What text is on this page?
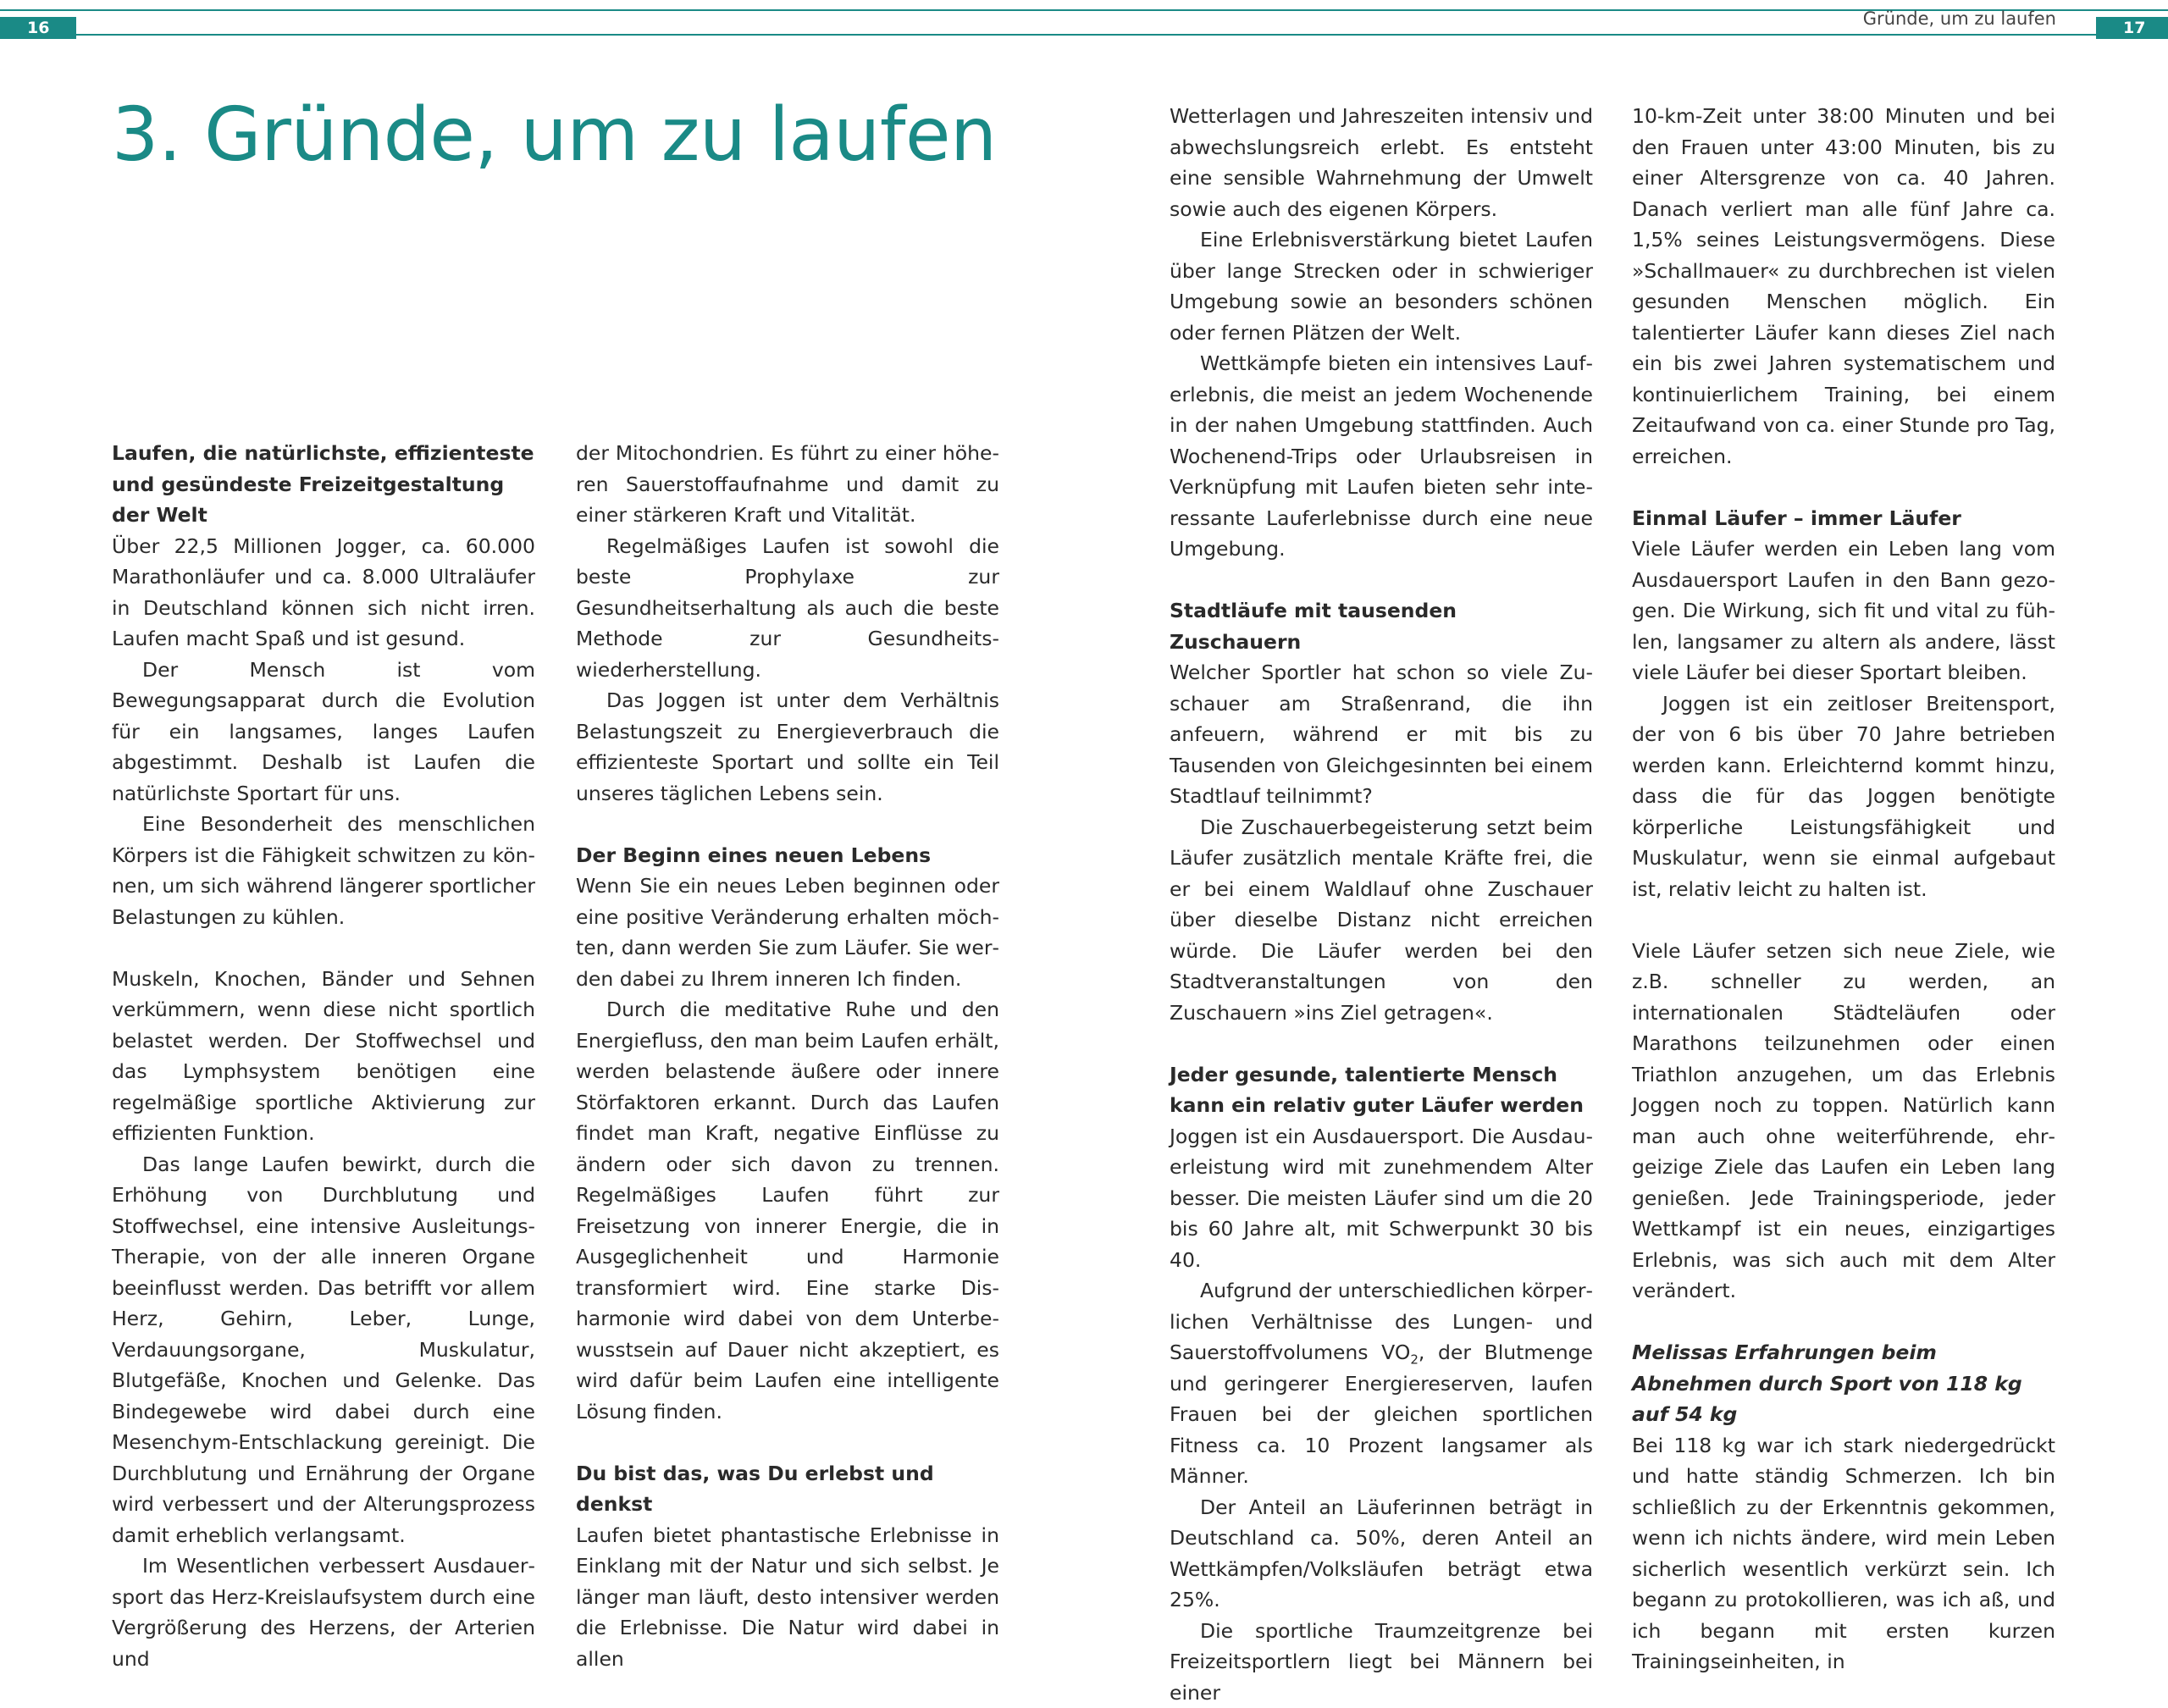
16	Gründe, um zu laufen	17
3. Gründe, um zu laufen
Laufen, die natürlichste, effizienteste und gesündeste Freizeitgestaltung der Welt

Über 22,5 Millionen Jogger, ca. 60.000 Marathonläufer und ca. 8.000 Ultraläufer in Deutschland können sich nicht irren. Laufen macht Spaß und ist gesund.

Der Mensch ist vom Bewegungsapparat durch die Evolution für ein langsames, langes Laufen abgestimmt. Deshalb ist Laufen die natürlichste Sportart für uns.

Eine Besonderheit des menschlichen Körpers ist die Fähigkeit schwitzen zu können, um sich während längerer sportlicher Belastungen zu kühlen.

Muskeln, Knochen, Bänder und Sehnen verkümmern, wenn diese nicht sportlich belastet werden. Der Stoffwechsel und das Lymphsystem benötigen eine regelmäßige sportliche Aktivierung zur effizienten Funktion.

Das lange Laufen bewirkt, durch die Erhöhung von Durchblutung und Stoffwechsel, eine intensive Ausleitungs-Therapie, von der alle inneren Organe beeinflusst werden. Das betrifft vor allem Herz, Gehirn, Leber, Lunge, Verdauungsorgane, Muskulatur, Blutgefäße, Knochen und Gelenke. Das Bindegewebe wird dabei durch eine Mesenchym-Entschlackung gereinigt. Die Durchblutung und Ernährung der Organe wird verbessert und der Alterungsprozess damit erheblich verlangsamt.

Im Wesentlichen verbessert Ausdauersport das Herz-Kreislaufsystem durch eine Vergrößerung des Herzens, der Arterien und

der Mitochondrien. Es führt zu einer höheren Sauerstoffaufnahme und damit zu einer stärkeren Kraft und Vitalität.

Regelmäßiges Laufen ist sowohl die beste Prophylaxe zur Gesundheitserhaltung als auch die beste Methode zur Gesundheitswiederherstellung.

Das Joggen ist unter dem Verhältnis Belastungszeit zu Energieverbrauch die effizienteste Sportart und sollte ein Teil unseres täglichen Lebens sein.

Der Beginn eines neuen Lebens

Wenn Sie ein neues Leben beginnen oder eine positive Veränderung erhalten möchten, dann werden Sie zum Läufer. Sie werden dabei zu Ihrem inneren Ich finden.

Durch die meditative Ruhe und den Energiefluss, den man beim Laufen erhält, werden belastende äußere oder innere Störfaktoren erkannt. Durch das Laufen findet man Kraft, negative Einflüsse zu ändern oder sich davon zu trennen. Regelmäßiges Laufen führt zur Freisetzung von innerer Energie, die in Ausgeglichenheit und Harmonie transformiert wird. Eine starke Disharmonie wird dabei von dem Unterbewusstsein auf Dauer nicht akzeptiert, es wird dafür beim Laufen eine intelligente Lösung finden.

Du bist das, was Du erlebst und denkst

Laufen bietet phantastische Erlebnisse in Einklang mit der Natur und sich selbst. Je länger man läuft, desto intensiver werden die Erlebnisse. Die Natur wird dabei in allen

Wetterlagen und Jahreszeiten intensiv und abwechslungsreich erlebt. Es entsteht eine sensible Wahrnehmung der Umwelt sowie auch des eigenen Körpers.

Eine Erlebnisverstärkung bietet Laufen über lange Strecken oder in schwieriger Umgebung sowie an besonders schönen oder fernen Plätzen der Welt.

Wettkämpfe bieten ein intensives Lauferlebnis, die meist an jedem Wochenende in der nahen Umgebung stattfinden. Auch Wochenend-Trips oder Urlaubsreisen in Verknüpfung mit Laufen bieten sehr interessante Lauferlebnisse durch eine neue Umgebung.

Stadtläufe mit tausenden Zuschauern

Welcher Sportler hat schon so viele Zuschauer am Straßenrand, die ihn anfeuern, während er mit bis zu Tausenden von Gleichgesinnten bei einem Stadtlauf teilnimmt?

Die Zuschauerbegeisterung setzt beim Läufer zusätzlich mentale Kräfte frei, die er bei einem Waldlauf ohne Zuschauer über dieselbe Distanz nicht erreichen würde. Die Läufer werden bei den Stadtveranstaltungen von den Zuschauern »ins Ziel getragen«.

Jeder gesunde, talentierte Mensch kann ein relativ guter Läufer werden

Joggen ist ein Ausdauersport. Die Ausdauerleistung wird mit zunehmendem Alter besser. Die meisten Läufer sind um die 20 bis 60 Jahre alt, mit Schwerpunkt 30 bis 40.

Aufgrund der unterschiedlichen körperlichen Verhältnisse des Lungen- und Sauerstoffvolumens $VO_2$, der Blutmenge und geringerer Energiereserven, laufen Frauen bei der gleichen sportlichen Fitness ca. 10 Prozent langsamer als Männer.

Der Anteil an Läuferinnen beträgt in Deutschland ca. 50%, deren Anteil an Wettkämpfen/Volksläufen beträgt etwa 25%.

Die sportliche Traumzeitgrenze bei Freizeitsportlern liegt bei Männern bei einer

10-km-Zeit unter 38:00 Minuten und bei den Frauen unter 43:00 Minuten, bis zu einer Altersgrenze von ca. 40 Jahren. Danach verliert man alle fünf Jahre ca. 1,5% seines Leistungsvermögens. Diese »Schallmauer« zu durchbrechen ist vielen gesunden Menschen möglich. Ein talentierter Läufer kann dieses Ziel nach ein bis zwei Jahren systematischem und kontinuierlichem Training, bei einem Zeitaufwand von ca. einer Stunde pro Tag, erreichen.

Einmal Läufer – immer Läufer

Viele Läufer werden ein Leben lang vom Ausdauersport Laufen in den Bann gezogen. Die Wirkung, sich fit und vital zu fühlen, langsamer zu altern als andere, lässt viele Läufer bei dieser Sportart bleiben.

Joggen ist ein zeitloser Breitensport, der von 6 bis über 70 Jahre betrieben werden kann. Erleichternd kommt hinzu, dass die für das Joggen benötigte körperliche Leistungsfähigkeit und Muskulatur, wenn sie einmal aufgebaut ist, relativ leicht zu halten ist.

Viele Läufer setzen sich neue Ziele, wie z.B. schneller zu werden, an internationalen Städteläufen oder Marathons teilzunehmen oder einen Triathlon anzugehen, um das Erlebnis Joggen noch zu toppen. Natürlich kann man auch ohne weiterführende, ehrgeizige Ziele das Laufen ein Leben lang genießen. Jede Trainingsperiode, jeder Wettkampf ist ein neues, einzigartiges Erlebnis, was sich auch mit dem Alter verändert.

Melissas Erfahrungen beim Abnehmen durch Sport von 118 kg auf 54 kg

Bei 118 kg war ich stark niedergedrückt und hatte ständig Schmerzen. Ich bin schließlich zu der Erkenntnis gekommen, wenn ich nichts ändere, wird mein Leben sicherlich wesentlich verkürzt sein. Ich begann zu protokollieren, was ich aß, und ich begann mit ersten kurzen Trainingseinheiten, in
